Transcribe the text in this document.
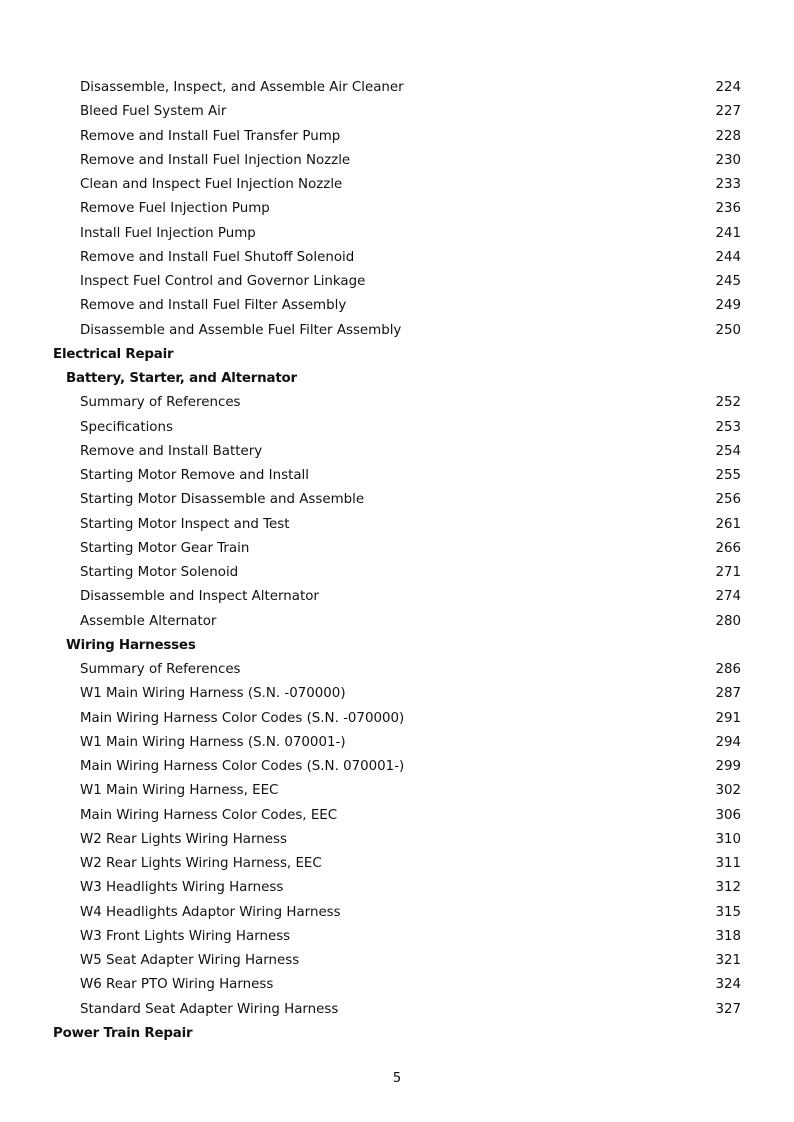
Disassemble, Inspect, and Assemble Air Cleaner	224
Bleed Fuel System Air	227
Remove and Install Fuel Transfer Pump	228
Remove and Install Fuel Injection Nozzle	230
Clean and Inspect Fuel Injection Nozzle	233
Remove Fuel Injection Pump	236
Install Fuel Injection Pump	241
Remove and Install Fuel Shutoff Solenoid	244
Inspect Fuel Control and Governor Linkage	245
Remove and Install Fuel Filter Assembly	249
Disassemble and Assemble Fuel Filter Assembly	250
Electrical Repair
Battery, Starter, and Alternator
Summary of References	252
Specifications	253
Remove and Install Battery	254
Starting Motor Remove and Install	255
Starting Motor Disassemble and Assemble	256
Starting Motor Inspect and Test	261
Starting Motor Gear Train	266
Starting Motor Solenoid	271
Disassemble and Inspect Alternator	274
Assemble Alternator	280
Wiring Harnesses
Summary of References	286
W1 Main Wiring Harness (S.N. -070000)	287
Main Wiring Harness Color Codes (S.N. -070000)	291
W1 Main Wiring Harness (S.N. 070001-)	294
Main Wiring Harness Color Codes (S.N. 070001-)	299
W1 Main Wiring Harness, EEC	302
Main Wiring Harness Color Codes, EEC	306
W2 Rear Lights Wiring Harness	310
W2 Rear Lights Wiring Harness, EEC	311
W3 Headlights Wiring Harness	312
W4 Headlights Adaptor Wiring Harness	315
W3 Front Lights Wiring Harness	318
W5 Seat Adapter Wiring Harness	321
W6 Rear PTO Wiring Harness	324
Standard Seat Adapter Wiring Harness	327
Power Train Repair
5
